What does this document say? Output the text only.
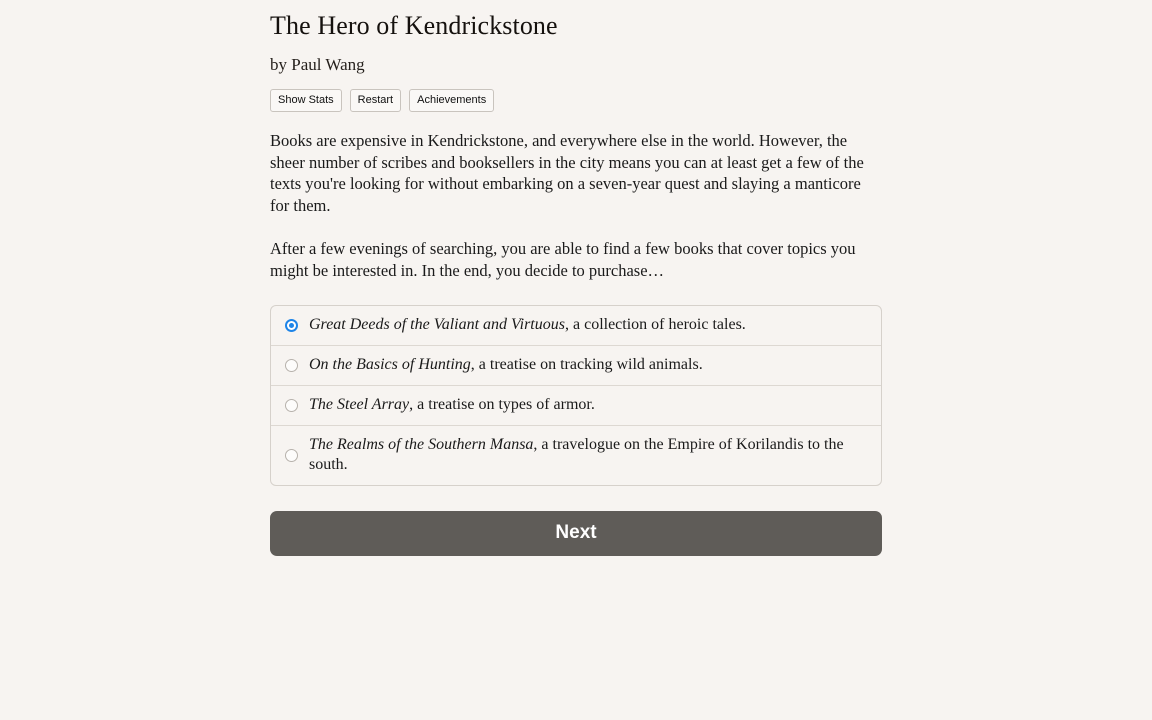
The Hero of Kendrickstone
by Paul Wang
Show Stats	Restart	Achievements

Books are expensive in Kendrickstone, and everywhere else in the world. However, the sheer number of scribes and booksellers in the city means you can at least get a few of the texts you're looking for without embarking on a seven-year quest and slaying a manticore for them.

After a few evenings of searching, you are able to find a few books that cover topics you might be interested in. In the end, you decide to purchase…

Great Deeds of the Valiant and Virtuous, a collection of heroic tales.
On the Basics of Hunting, a treatise on tracking wild animals.
The Steel Array, a treatise on types of armor.
The Realms of the Southern Mansa, a travelogue on the Empire of Korilandis to the south.
Next
